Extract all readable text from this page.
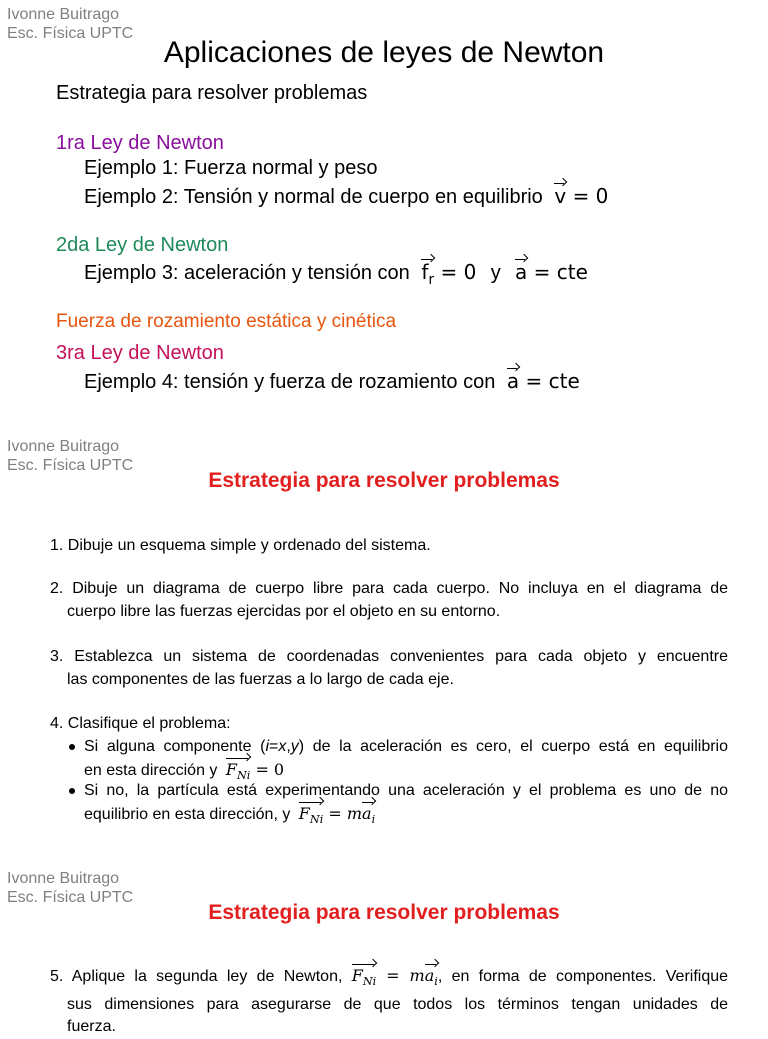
Ivonne Buitrago
Esc. Física UPTC
Aplicaciones de leyes de Newton
Estrategia para resolver problemas
1ra Ley de Newton
Ejemplo 1: Fuerza normal y peso
Ejemplo 2: Tensión y normal de cuerpo en equilibrio v = 0
2da Ley de Newton
Ejemplo 3: aceleración y tensión con $f_r = 0$ y a = cte
Fuerza de rozamiento estática y cinética
3ra Ley de Newton
Ejemplo 4: tensión y fuerza de rozamiento con a = cte
Ivonne Buitrago
Esc. Física UPTC
Estrategia para resolver problemas
1. Dibuje un esquema simple y ordenado del sistema.
2. Dibuje un diagrama de cuerpo libre para cada cuerpo. No incluya en el diagrama de
cuerpo libre las fuerzas ejercidas por el objeto en su entorno.
3. Establezca un sistema de coordenadas convenientes para cada objeto y encuentre
las componentes de las fuerzas a lo largo de cada eje.
4. Clasifique el problema:
Si alguna componente (i=x,y) de la aceleración es cero, el cuerpo está en equilibrio
en esta dirección y $F_{Ni} = 0$
Si no, la partícula está experimentando una aceleración y el problema es uno de no
equilibrio en esta dirección, y $F_{Ni} = ma_i$
Ivonne Buitrago
Esc. Física UPTC
Estrategia para resolver problemas
5. Aplique la segunda ley de Newton, $F_{Ni} = ma_i$, en forma de componentes. Verifique
sus dimensiones para asegurarse de que todos los términos tengan unidades de
fuerza.
